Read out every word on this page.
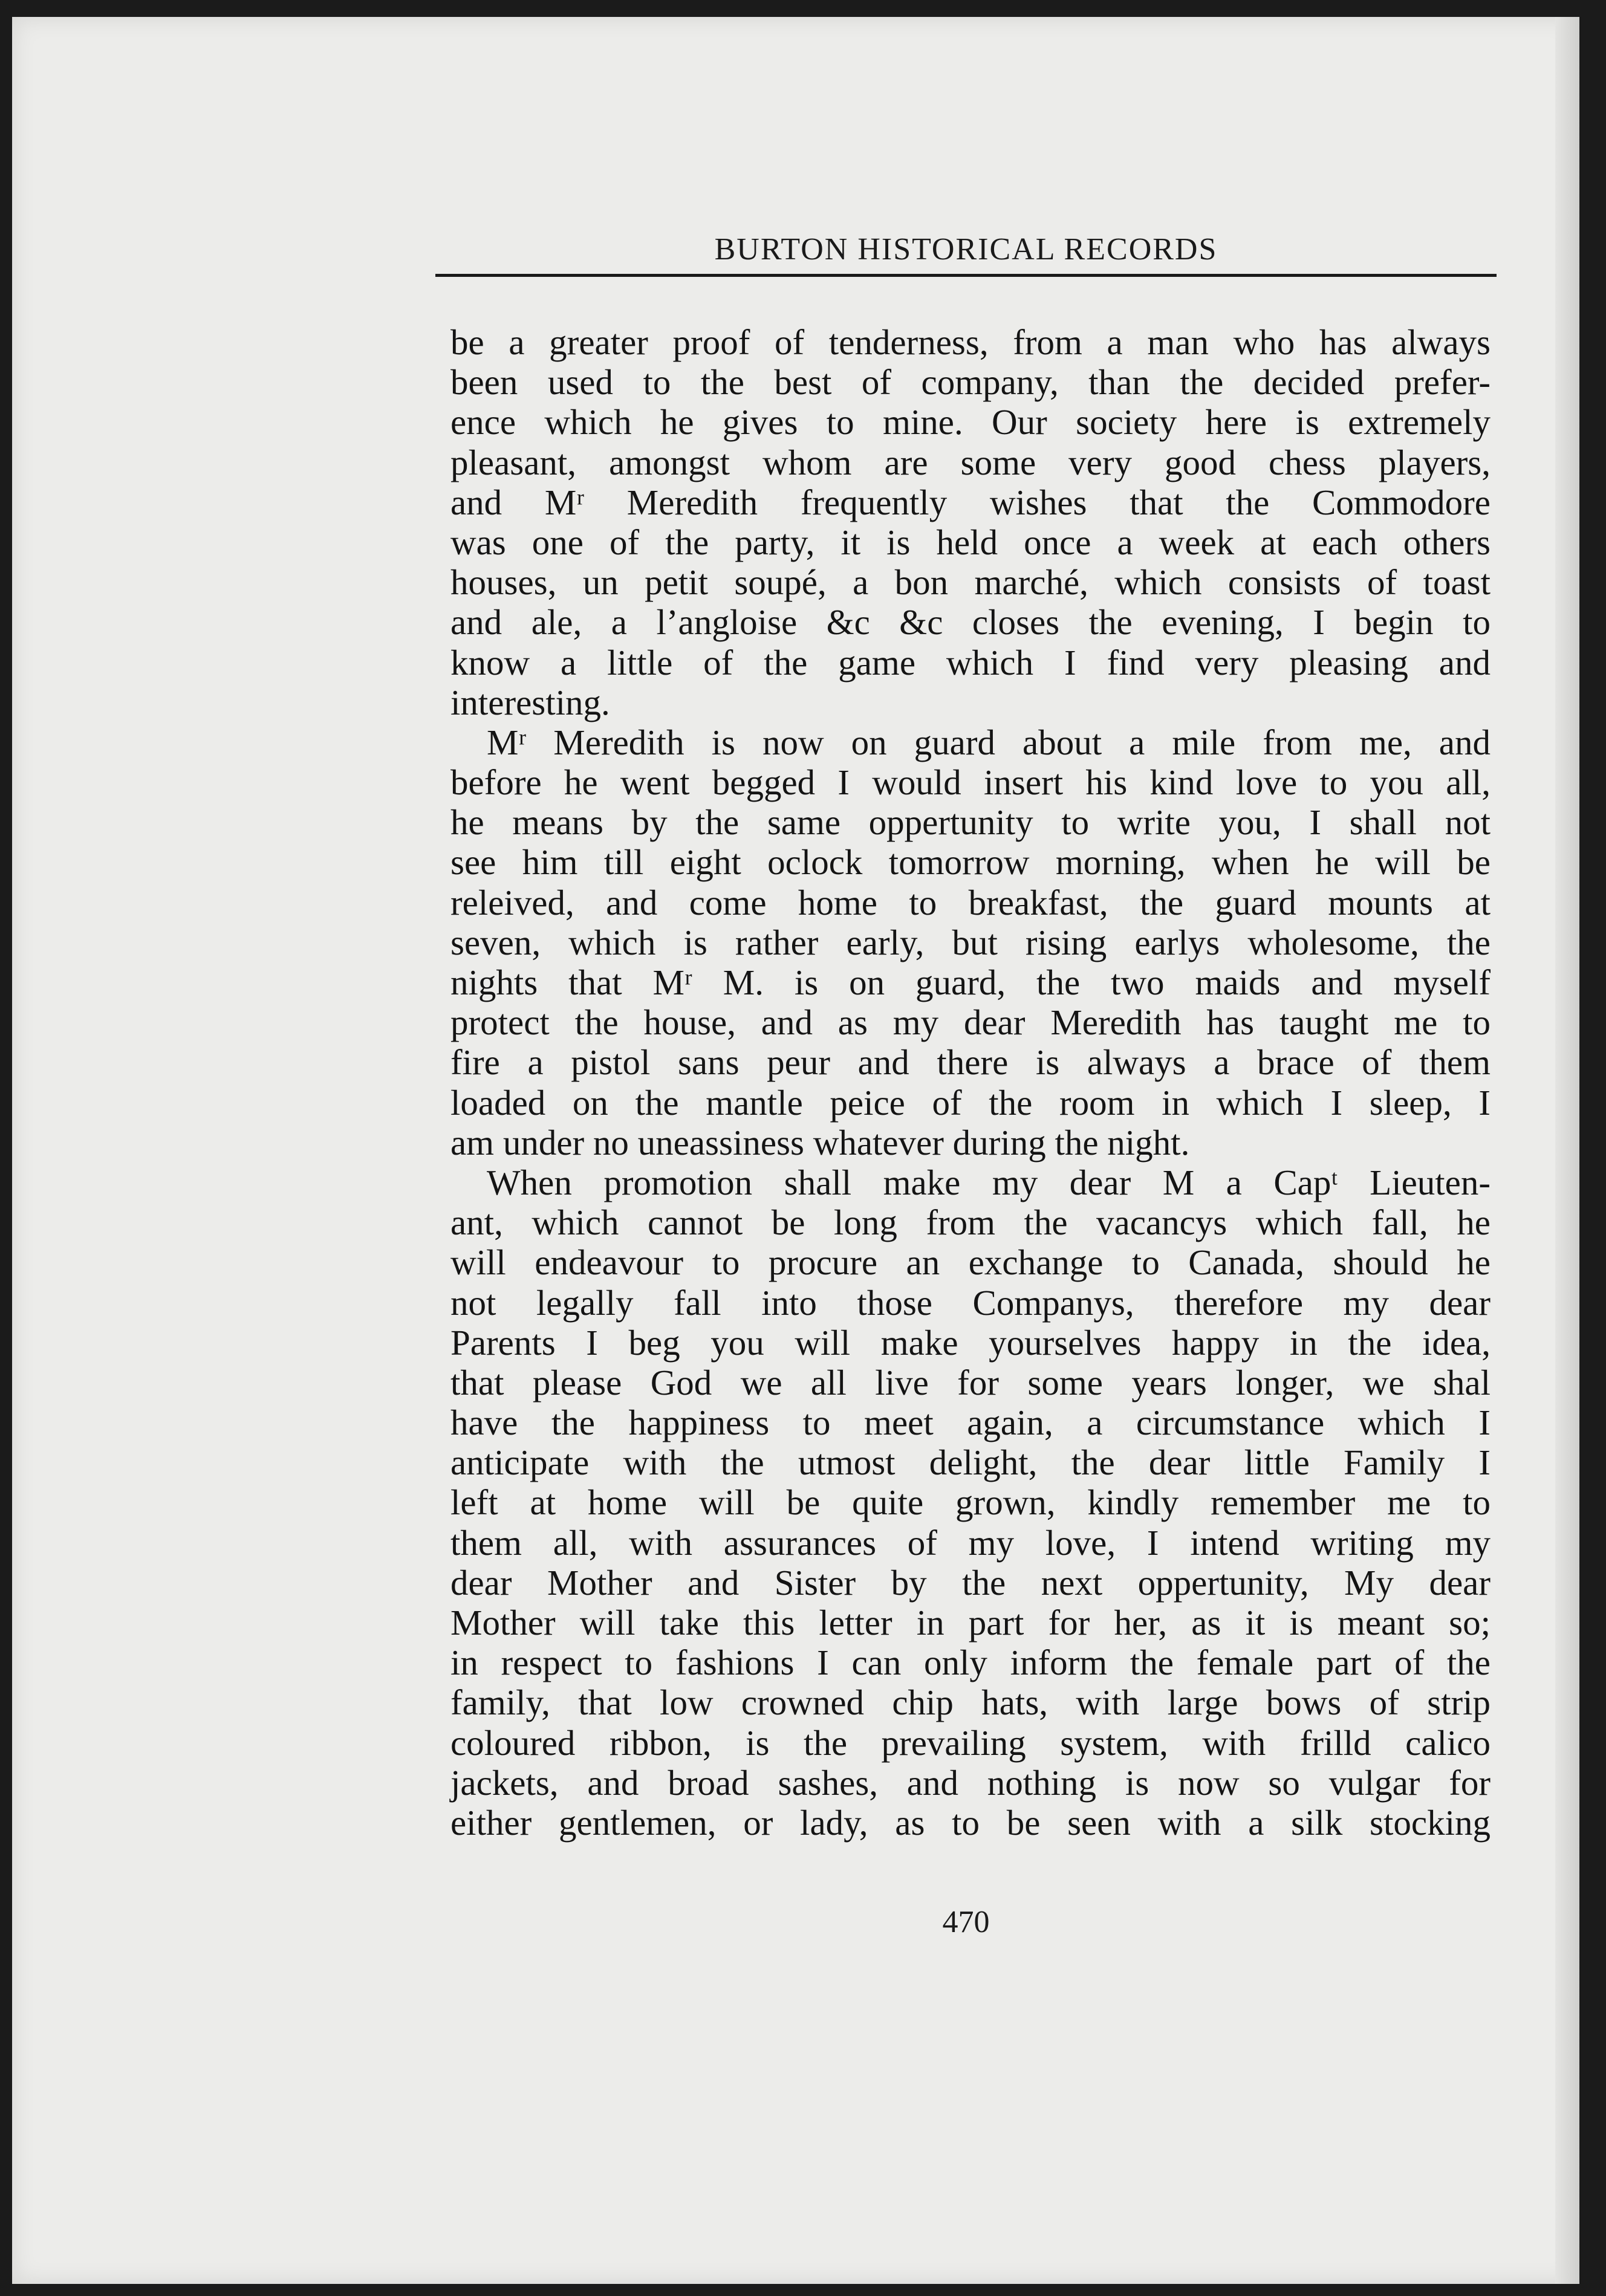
BURTON HISTORICAL RECORDS
be a greater proof of tenderness, from a man who has always
been used to the best of company, than the decided prefer-
ence which he gives to mine. Our society here is extremely
pleasant, amongst whom are some very good chess players,
and Mʳ Meredith frequently wishes that the Commodore
was one of the party, it is held once a week at each others
houses, un petit soupé, a bon marché, which consists of toast
and ale, a l’angloise &c &c closes the evening, I begin to
know a little of the game which I find very pleasing and
interesting.
Mʳ Meredith is now on guard about a mile from me, and
before he went begged I would insert his kind love to you all,
he means by the same oppertunity to write you, I shall not
see him till eight oclock tomorrow morning, when he will be
releived, and come home to breakfast, the guard mounts at
seven, which is rather early, but rising earlys wholesome, the
nights that Mʳ M. is on guard, the two maids and myself
protect the house, and as my dear Meredith has taught me to
fire a pistol sans peur and there is always a brace of them
loaded on the mantle peice of the room in which I sleep, I
am under no uneassiness whatever during the night.
When promotion shall make my dear M a Capᵗ Lieuten-
ant, which cannot be long from the vacancys which fall, he
will endeavour to procure an exchange to Canada, should he
not legally fall into those Companys, therefore my dear
Parents I beg you will make yourselves happy in the idea,
that please God we all live for some years longer, we shal
have the happiness to meet again, a circumstance which I
anticipate with the utmost delight, the dear little Family I
left at home will be quite grown, kindly remember me to
them all, with assurances of my love, I intend writing my
dear Mother and Sister by the next oppertunity, My dear
Mother will take this letter in part for her, as it is meant so;
in respect to fashions I can only inform the female part of the
family, that low crowned chip hats, with large bows of strip
coloured ribbon, is the prevailing system, with frilld calico
jackets, and broad sashes, and nothing is now so vulgar for
either gentlemen, or lady, as to be seen with a silk stocking
470
